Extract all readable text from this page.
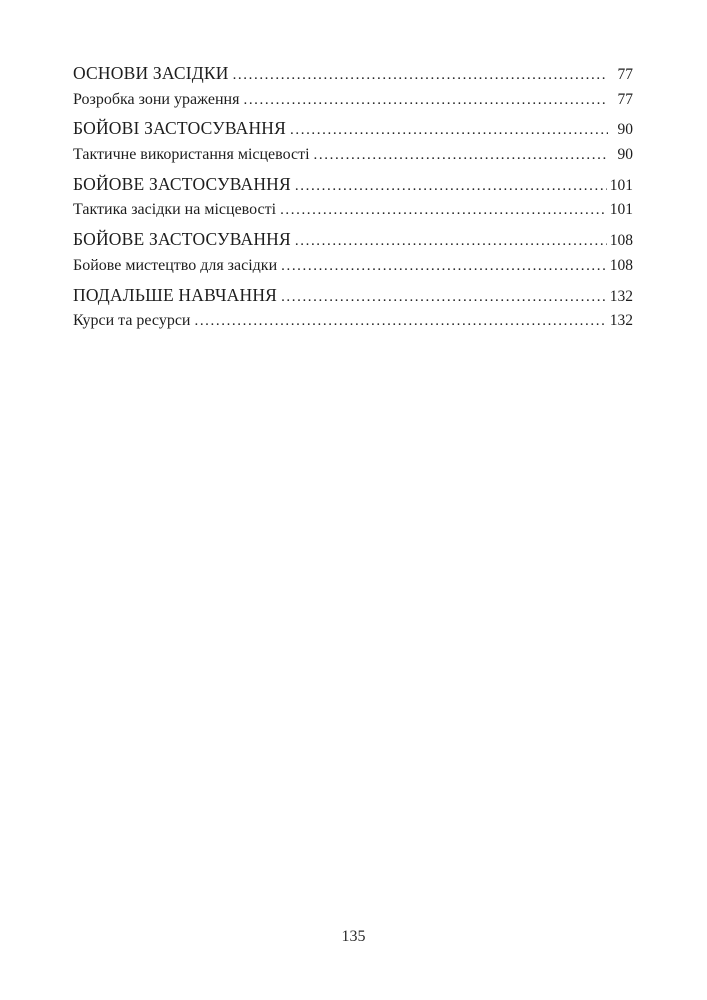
ОСНОВИ ЗАСІДКИ .....	77
Розробка зони ураження .....	77
БОЙОВІ ЗАСТОСУВАННЯ .....	90
Тактичне використання місцевості .....	90
БОЙОВЕ ЗАСТОСУВАННЯ .....	101
Тактика засідки на місцевості .....	101
БОЙОВЕ ЗАСТОСУВАННЯ .....	108
Бойове мистецтво для засідки .....	108
ПОДАЛЬШЕ НАВЧАННЯ .....	132
Курси та ресурси .....	132
135
